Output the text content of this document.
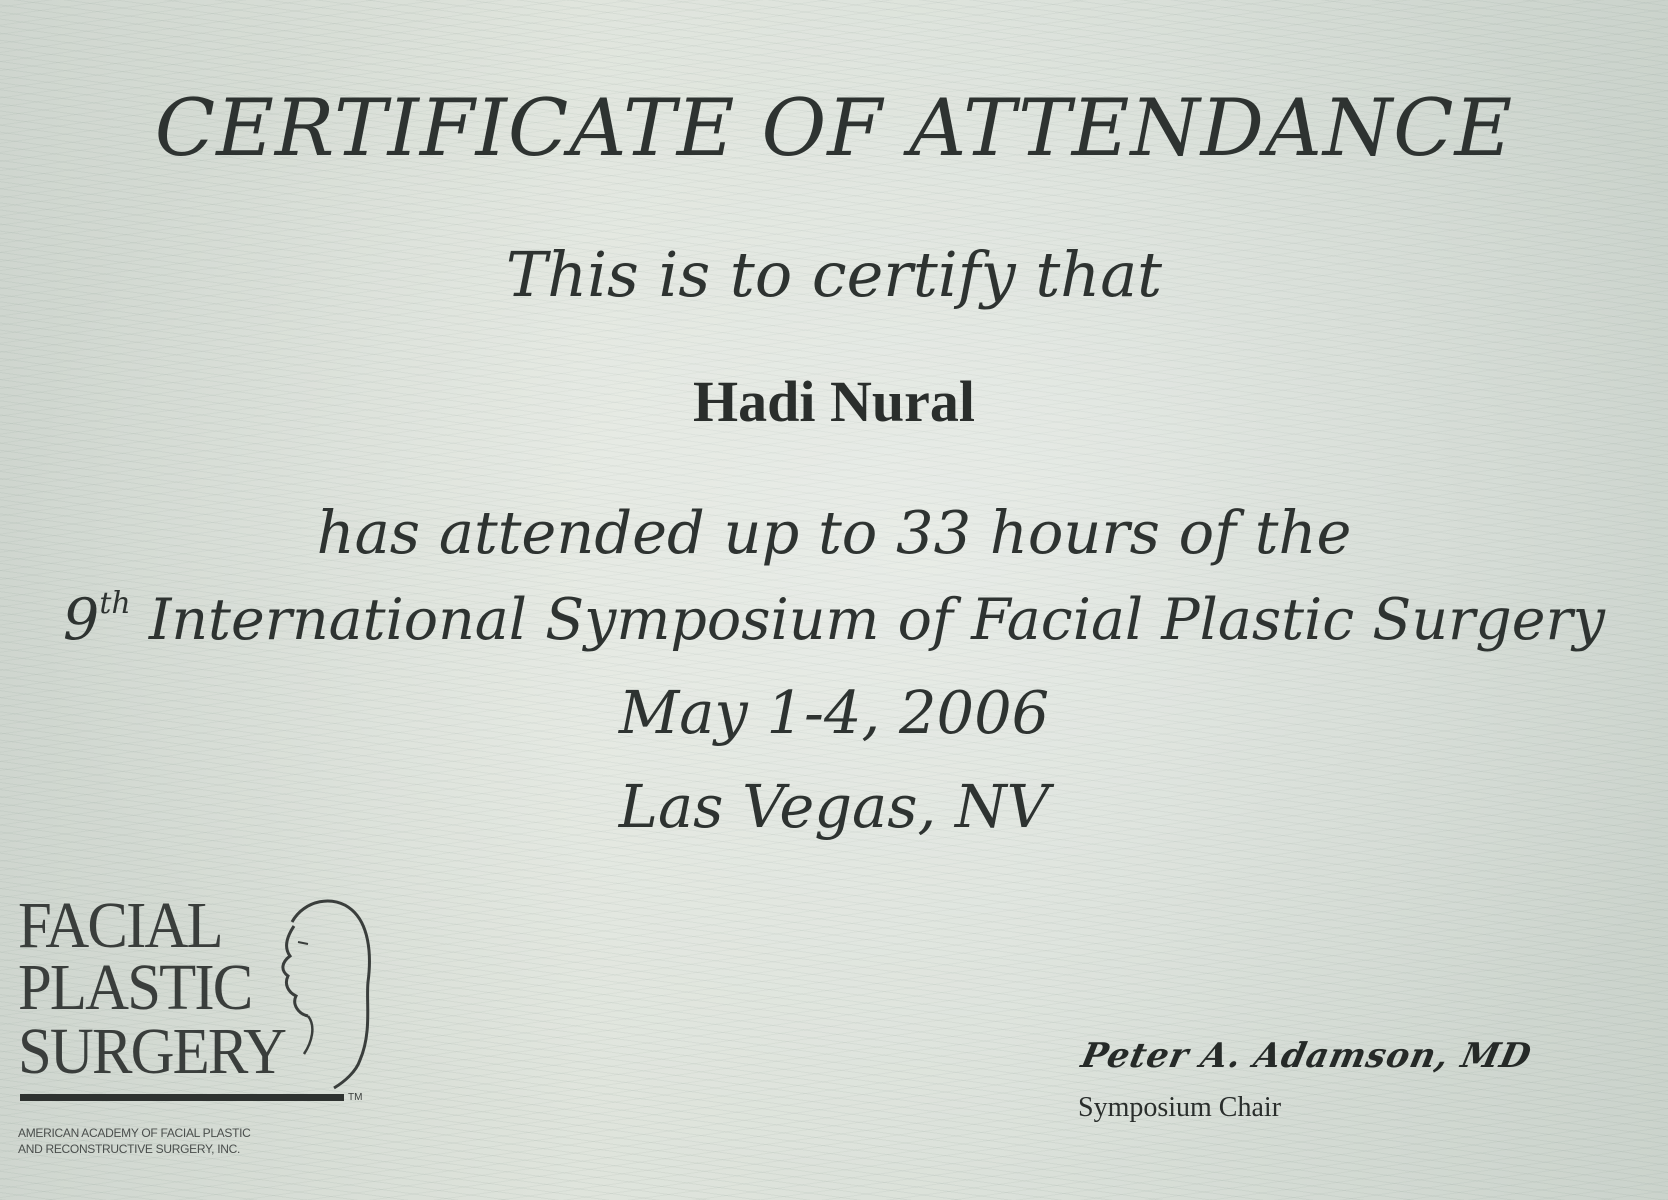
CERTIFICATE OF ATTENDANCE
This is to certify that
Hadi Nural
has attended up to 33 hours of the
9th International Symposium of Facial Plastic Surgery
May 1-4, 2006
Las Vegas, NV
FACIAL
PLASTIC
SURGERY
TM
AMERICAN ACADEMY OF FACIAL PLASTIC
AND RECONSTRUCTIVE SURGERY, INC.
Peter A. Adamson, MD
Symposium Chair
